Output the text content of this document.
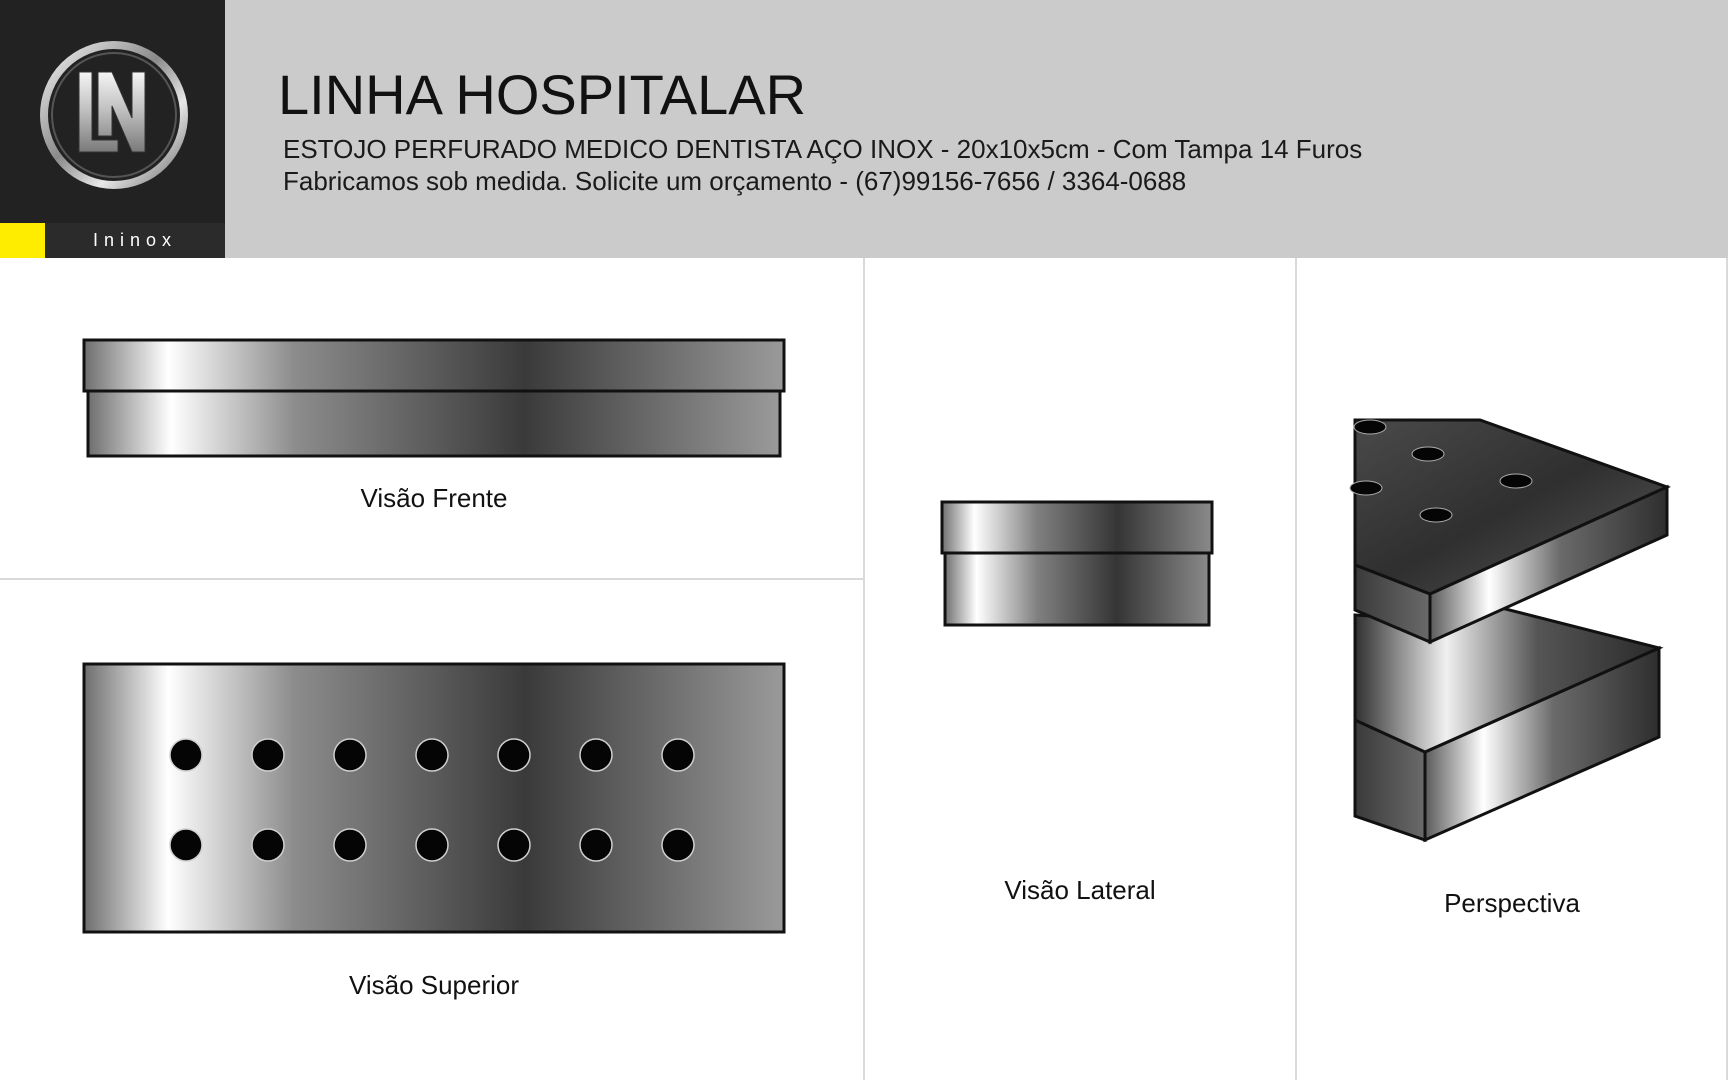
Ininox
LINHA HOSPITALAR
ESTOJO PERFURADO MEDICO DENTISTA AÇO INOX - 20x10x5cm - Com Tampa 14 Furos
Fabricamos sob medida. Solicite um orçamento - (67)99156-7656 / 3364-0688
Visão Frente
Visão Superior
Visão Lateral	Perspectiva
